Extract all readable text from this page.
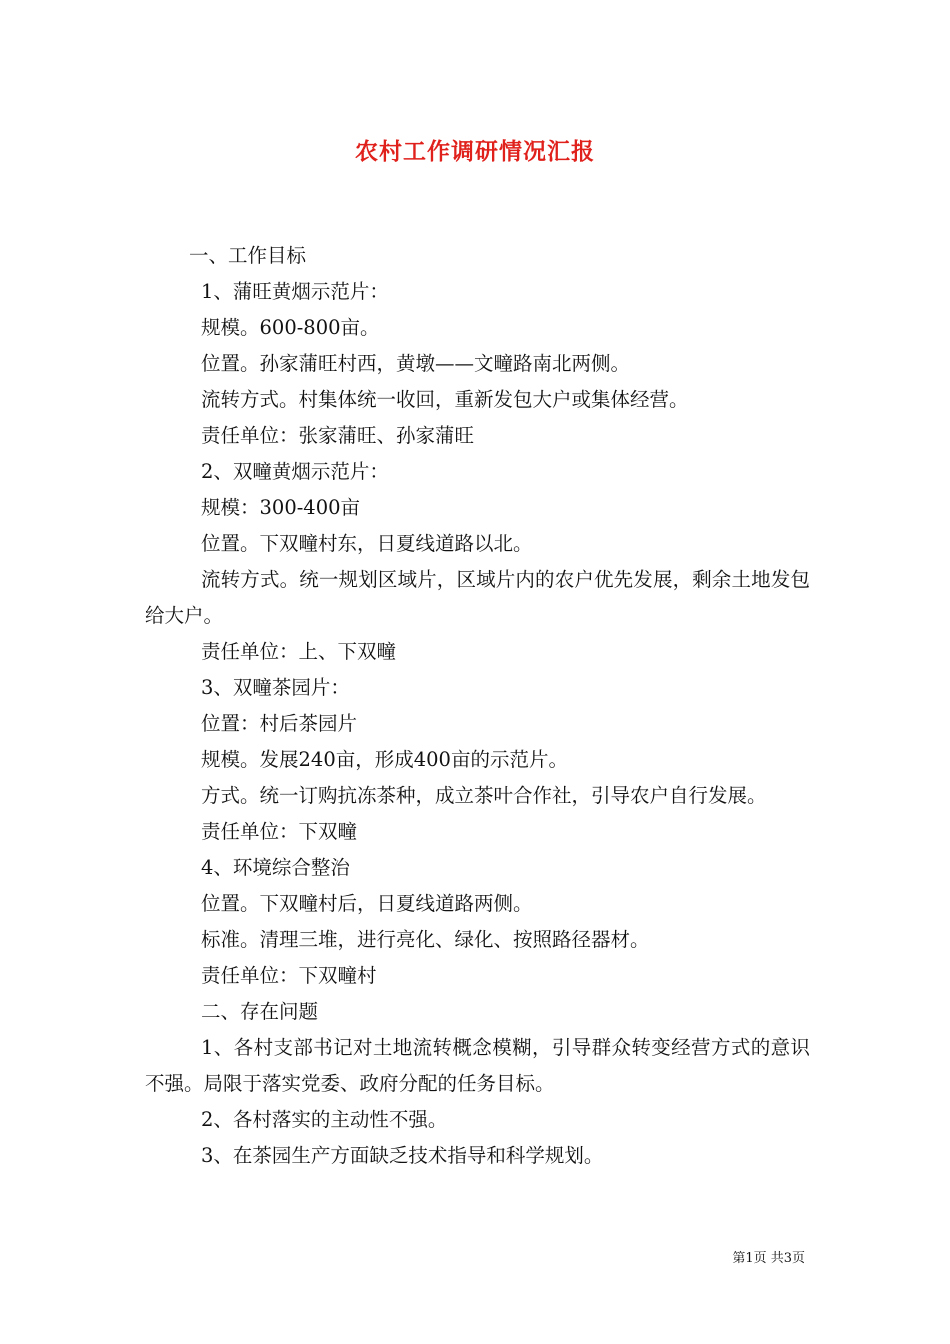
农村工作调研情况汇报

一、工作目标

1、蒲旺黄烟示范片：

规模。600-800亩。

位置。孙家蒲旺村西，黄墩——文疃路南北两侧。

流转方式。村集体统一收回，重新发包大户或集体经营。

责任单位：张家蒲旺、孙家蒲旺

2、双疃黄烟示范片：

规模：300-400亩

位置。下双疃村东，日夏线道路以北。

流转方式。统一规划区域片，区域片内的农户优先发展，剩余土地发包给大户。

责任单位：上、下双疃

3、双疃茶园片：

位置：村后茶园片

规模。发展240亩，形成400亩的示范片。

方式。统一订购抗冻茶种，成立茶叶合作社，引导农户自行发展。

责任单位：下双疃

4、环境综合整治

位置。下双疃村后，日夏线道路两侧。

标准。清理三堆，进行亮化、绿化、按照路径器材。

责任单位：下双疃村

二、存在问题

1、各村支部书记对土地流转概念模糊，引导群众转变经营方式的意识不强。局限于落实党委、政府分配的任务目标。

2、各村落实的主动性不强。

3、在茶园生产方面缺乏技术指导和科学规划。

第1页 共3页
